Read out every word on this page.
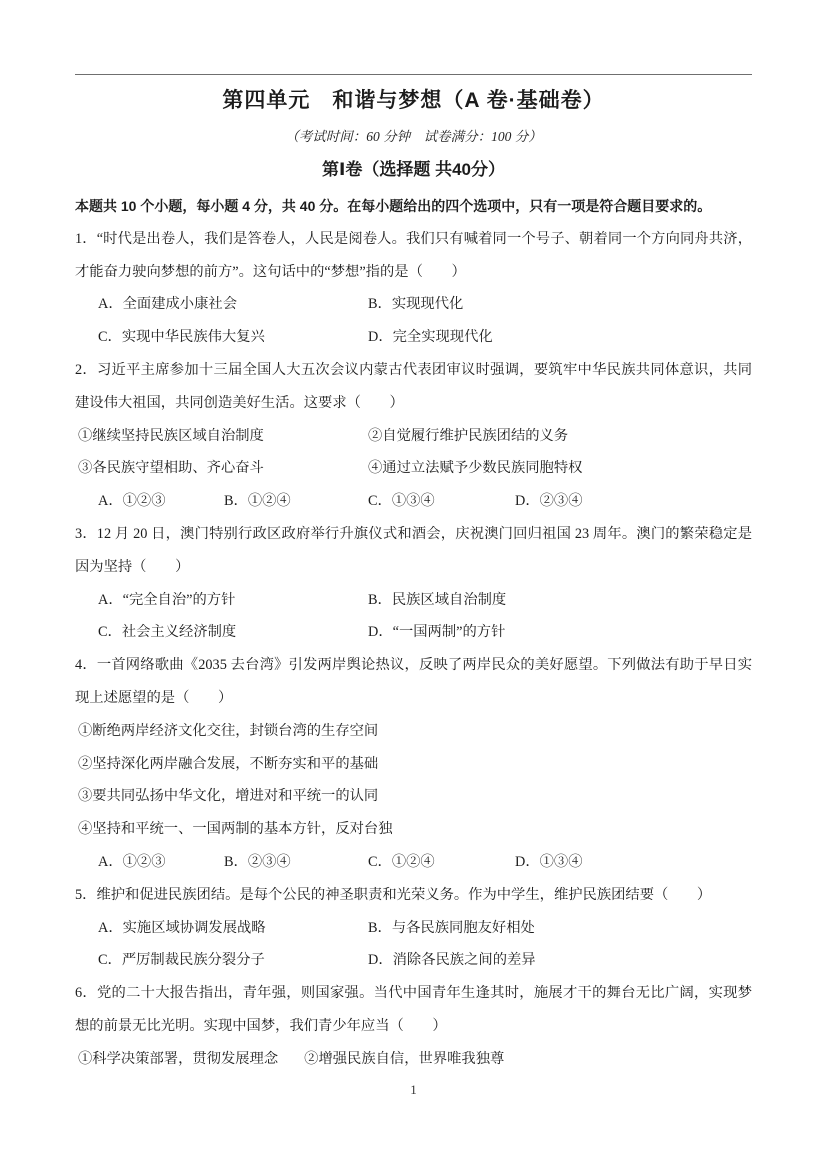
第四单元　和谐与梦想（A 卷·基础卷）
（考试时间：60 分钟　试卷满分：100 分）
第Ⅰ卷（选择题 共40分）

本题共 10 个小题，每小题 4 分，共 40 分。在每小题给出的四个选项中，只有一项是符合题目要求的。

1．“时代是出卷人，我们是答卷人，人民是阅卷人。我们只有喊着同一个号子、朝着同一个方向同舟共济，才能奋力驶向梦想的前方”。这句话中的“梦想”指的是（　　）

A．全面建成小康社会	B．实现现代化
C．实现中华民族伟大复兴	D．完全实现现代化

2．习近平主席参加十三届全国人大五次会议内蒙古代表团审议时强调，要筑牢中华民族共同体意识，共同建设伟大祖国，共同创造美好生活。这要求（　　）

①继续坚持民族区域自治制度	②自觉履行维护民族团结的义务
③各民族守望相助、齐心奋斗	④通过立法赋予少数民族同胞特权
A．①②③	B．①②④	C．①③④	D．②③④

3．12 月 20 日，澳门特别行政区政府举行升旗仪式和酒会，庆祝澳门回归祖国 23 周年。澳门的繁荣稳定是因为坚持（　　）

A．“完全自治”的方针	B．民族区域自治制度
C．社会主义经济制度	D．“一国两制”的方针

4．一首网络歌曲《2035 去台湾》引发两岸舆论热议，反映了两岸民众的美好愿望。下列做法有助于早日实现上述愿望的是（　　）

①断绝两岸经济文化交往，封锁台湾的生存空间
②坚持深化两岸融合发展，不断夯实和平的基础
③要共同弘扬中华文化，增进对和平统一的认同
④坚持和平统一、一国两制的基本方针，反对台独
A．①②③	B．②③④	C．①②④	D．①③④

5．维护和促进民族团结。是每个公民的神圣职责和光荣义务。作为中学生，维护民族团结要（　　）

A．实施区域协调发展战略	B．与各民族同胞友好相处
C．严厉制裁民族分裂分子	D．消除各民族之间的差异

6．党的二十大报告指出，青年强，则国家强。当代中国青年生逢其时，施展才干的舞台无比广阔，实现梦想的前景无比光明。实现中国梦，我们青少年应当（　　）

①科学决策部署，贯彻发展理念 ②增强民族自信，世界唯我独尊
1
